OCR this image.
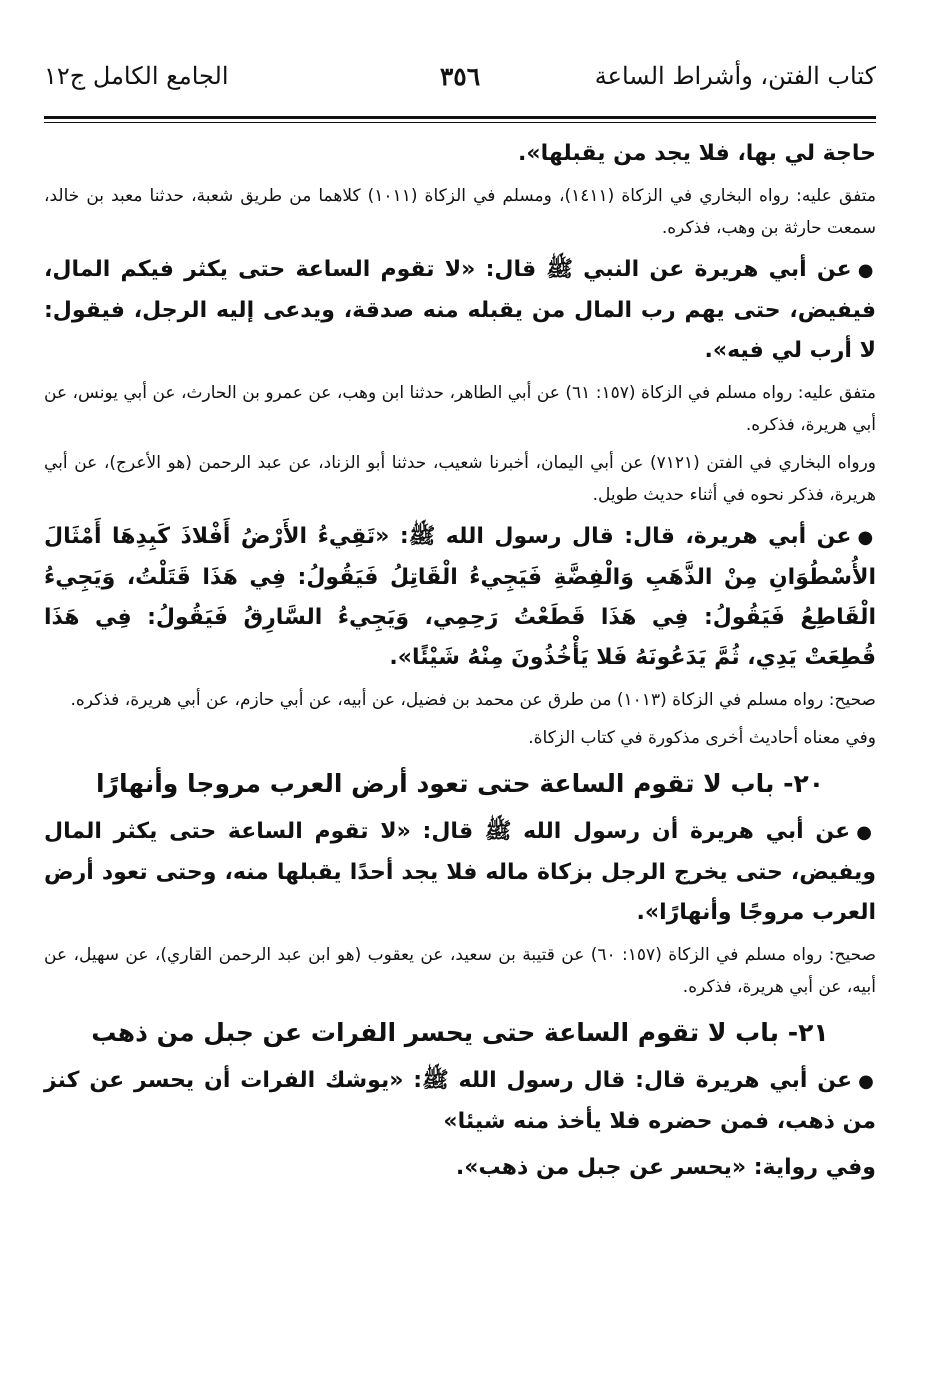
كتاب الفتن، وأشراط الساعة
٣٥٦
الجامع الكامل ج١٢

حاجة لي بها، فلا يجد من يقبلها».

متفق عليه: رواه البخاري في الزكاة (١٤١١)، ومسلم في الزكاة (١٠١١) كلاهما من طريق شعبة، حدثنا معبد بن خالد، سمعت حارثة بن وهب، فذكره.

●عن أبي هريرة عن النبي ﷺ قال: «لا تقوم الساعة حتى يكثر فيكم المال، فيفيض، حتى يهم رب المال من يقبله منه صدقة، ويدعى إليه الرجل، فيقول: لا أرب لي فيه».

متفق عليه: رواه مسلم في الزكاة (١٥٧: ٦١) عن أبي الطاهر، حدثنا ابن وهب، عن عمرو بن الحارث، عن أبي يونس، عن أبي هريرة، فذكره.

ورواه البخاري في الفتن (٧١٢١) عن أبي اليمان، أخبرنا شعيب، حدثنا أبو الزناد، عن عبد الرحمن (هو الأعرج)، عن أبي هريرة، فذكر نحوه في أثناء حديث طويل.

●عن أبي هريرة، قال: قال رسول الله ﷺ: «تَقِيءُ الأَرْضُ أَفْلاذَ كَبِدِهَا أَمْثَالَ الأُسْطُوَانِ مِنْ الذَّهَبِ وَالْفِضَّةِ فَيَجِيءُ الْقَاتِلُ فَيَقُولُ: فِي هَذَا قَتَلْتُ، وَيَجِيءُ الْقَاطِعُ فَيَقُولُ: فِي هَذَا قَطَعْتُ رَحِمِي، وَيَجِيءُ السَّارِقُ فَيَقُولُ: فِي هَذَا قُطِعَتْ يَدِي، ثُمَّ يَدَعُونَهُ فَلا يَأْخُذُونَ مِنْهُ شَيْئًا».

صحيح: رواه مسلم في الزكاة (١٠١٣) من طرق عن محمد بن فضيل، عن أبيه، عن أبي حازم، عن أبي هريرة، فذكره.

وفي معناه أحاديث أخرى مذكورة في كتاب الزكاة.

٢٠- باب لا تقوم الساعة حتى تعود أرض العرب مروجا وأنهارًا

●عن أبي هريرة أن رسول الله ﷺ قال: «لا تقوم الساعة حتى يكثر المال ويفيض، حتى يخرج الرجل بزكاة ماله فلا يجد أحدًا يقبلها منه، وحتى تعود أرض العرب مروجًا وأنهارًا».

صحيح: رواه مسلم في الزكاة (١٥٧: ٦٠) عن قتيبة بن سعيد، عن يعقوب (هو ابن عبد الرحمن القاري)، عن سهيل، عن أبيه، عن أبي هريرة، فذكره.

٢١- باب لا تقوم الساعة حتى يحسر الفرات عن جبل من ذهب

●عن أبي هريرة قال: قال رسول الله ﷺ: «يوشك الفرات أن يحسر عن كنز من ذهب، فمن حضره فلا يأخذ منه شيئا»

وفي رواية: «يحسر عن جبل من ذهب».
